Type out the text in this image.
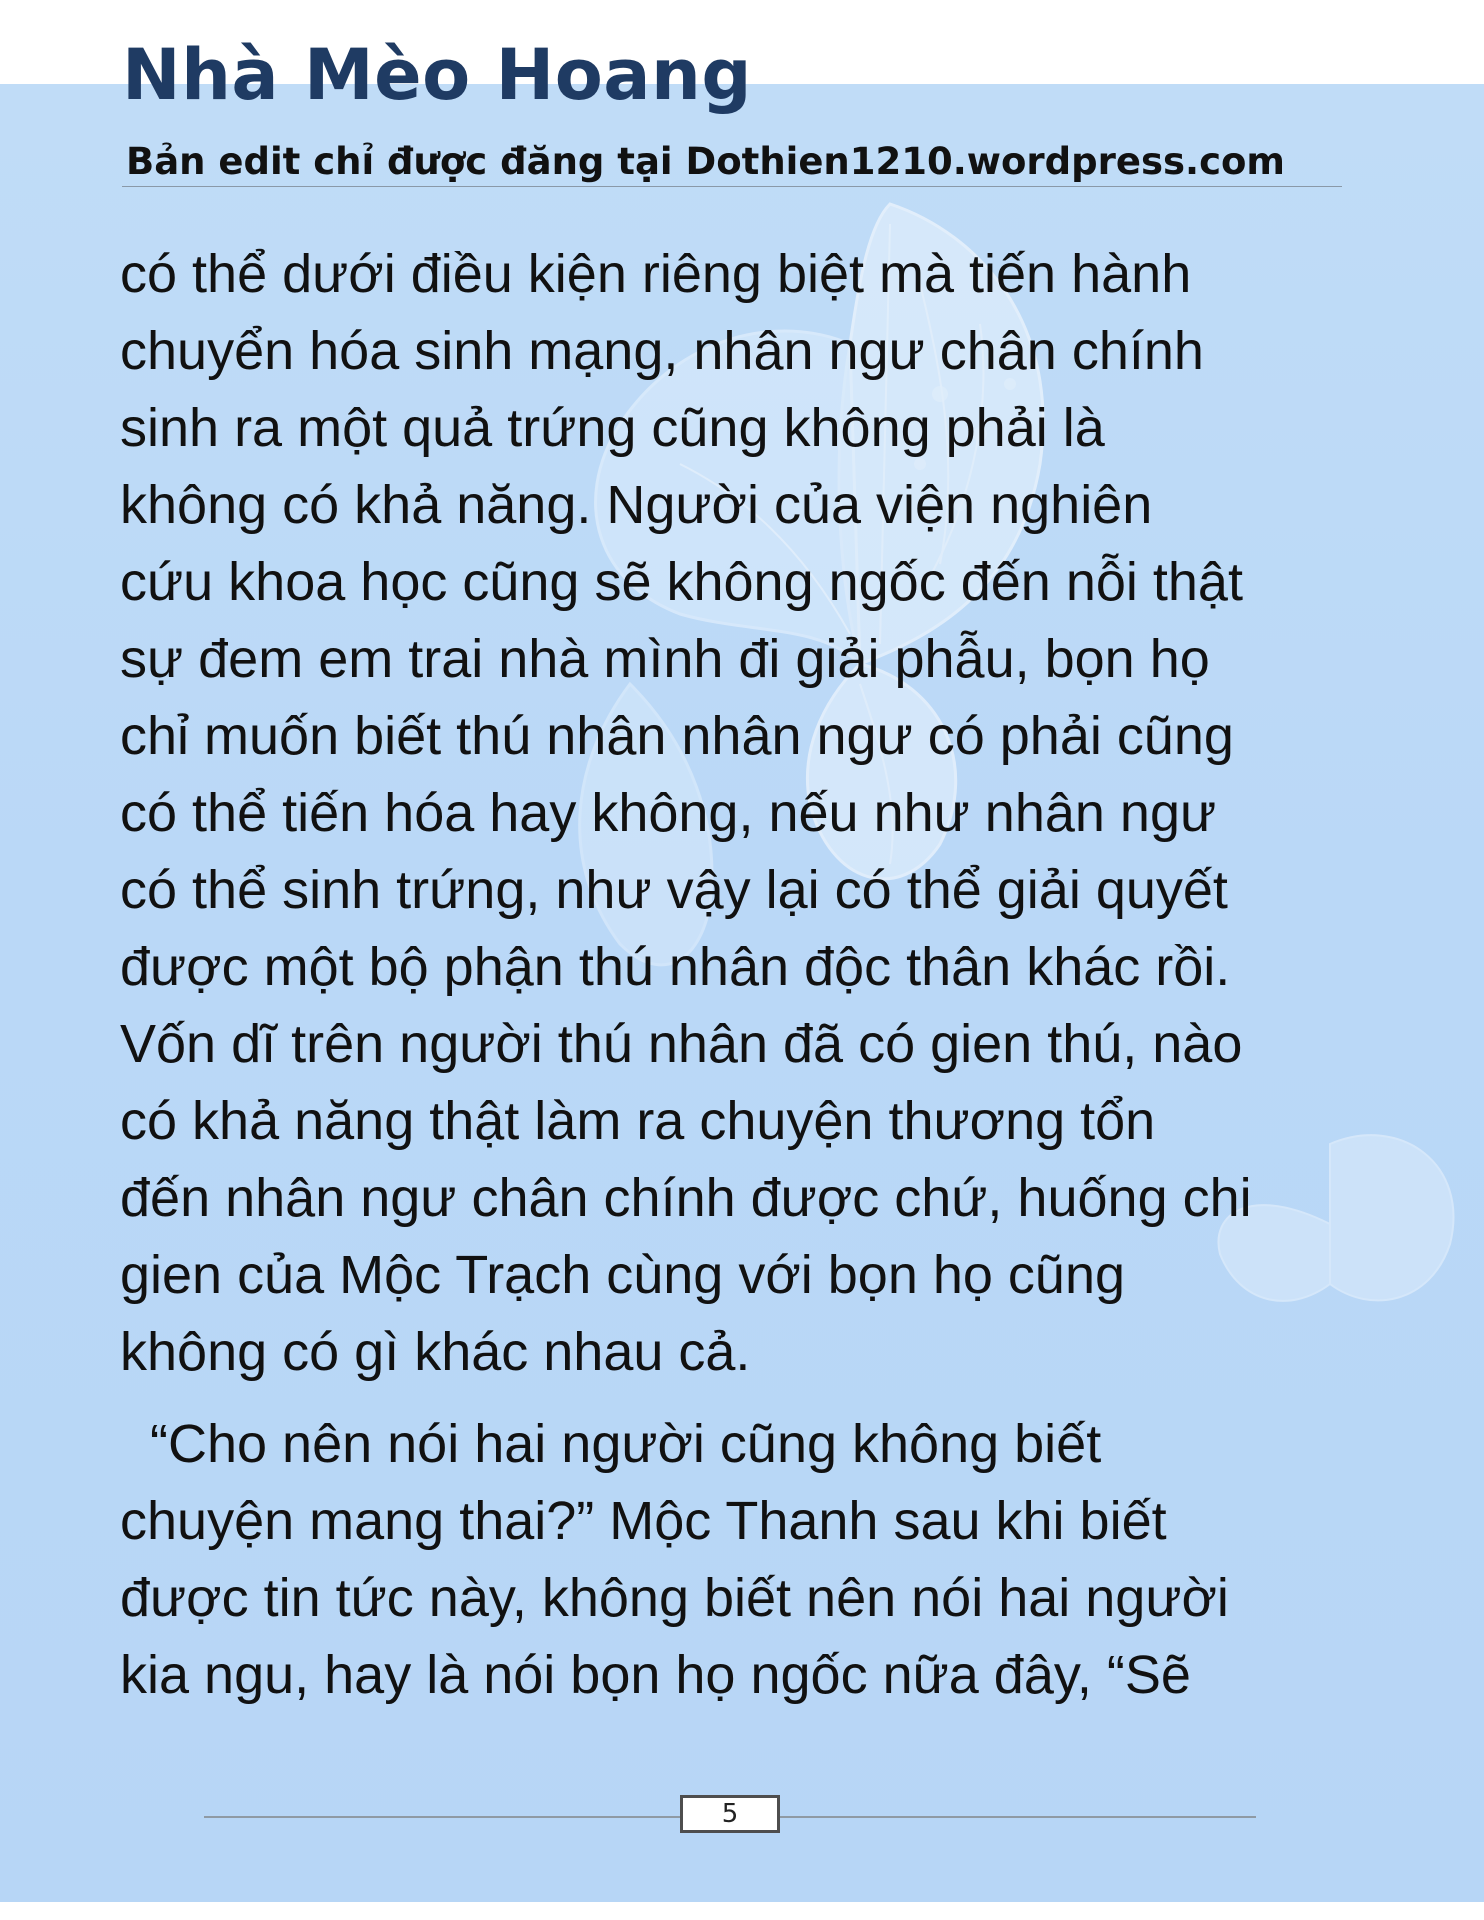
Nhà Mèo Hoang

Bản edit chỉ được đăng tại Dothien1210.wordpress.com

có thể dưới điều kiện riêng biệt mà tiến hành
chuyển hóa sinh mạng, nhân ngư chân chính
sinh ra một quả trứng cũng không phải là
không có khả năng. Người của viện nghiên
cứu khoa học cũng sẽ không ngốc đến nỗi thật
sự đem em trai nhà mình đi giải phẫu, bọn họ
chỉ muốn biết thú nhân nhân ngư có phải cũng
có thể tiến hóa hay không, nếu như nhân ngư
có thể sinh trứng, như vậy lại có thể giải quyết
được một bộ phận thú nhân độc thân khác rồi.
Vốn dĩ trên người thú nhân đã có gien thú, nào
có khả năng thật làm ra chuyện thương tổn
đến nhân ngư chân chính được chứ, huống chi
gien của Mộc Trạch cùng với bọn họ cũng
không có gì khác nhau cả.

“Cho nên nói hai người cũng không biết
chuyện mang thai?” Mộc Thanh sau khi biết
được tin tức này, không biết nên nói hai người
kia ngu, hay là nói bọn họ ngốc nữa đây, “Sẽ

5
